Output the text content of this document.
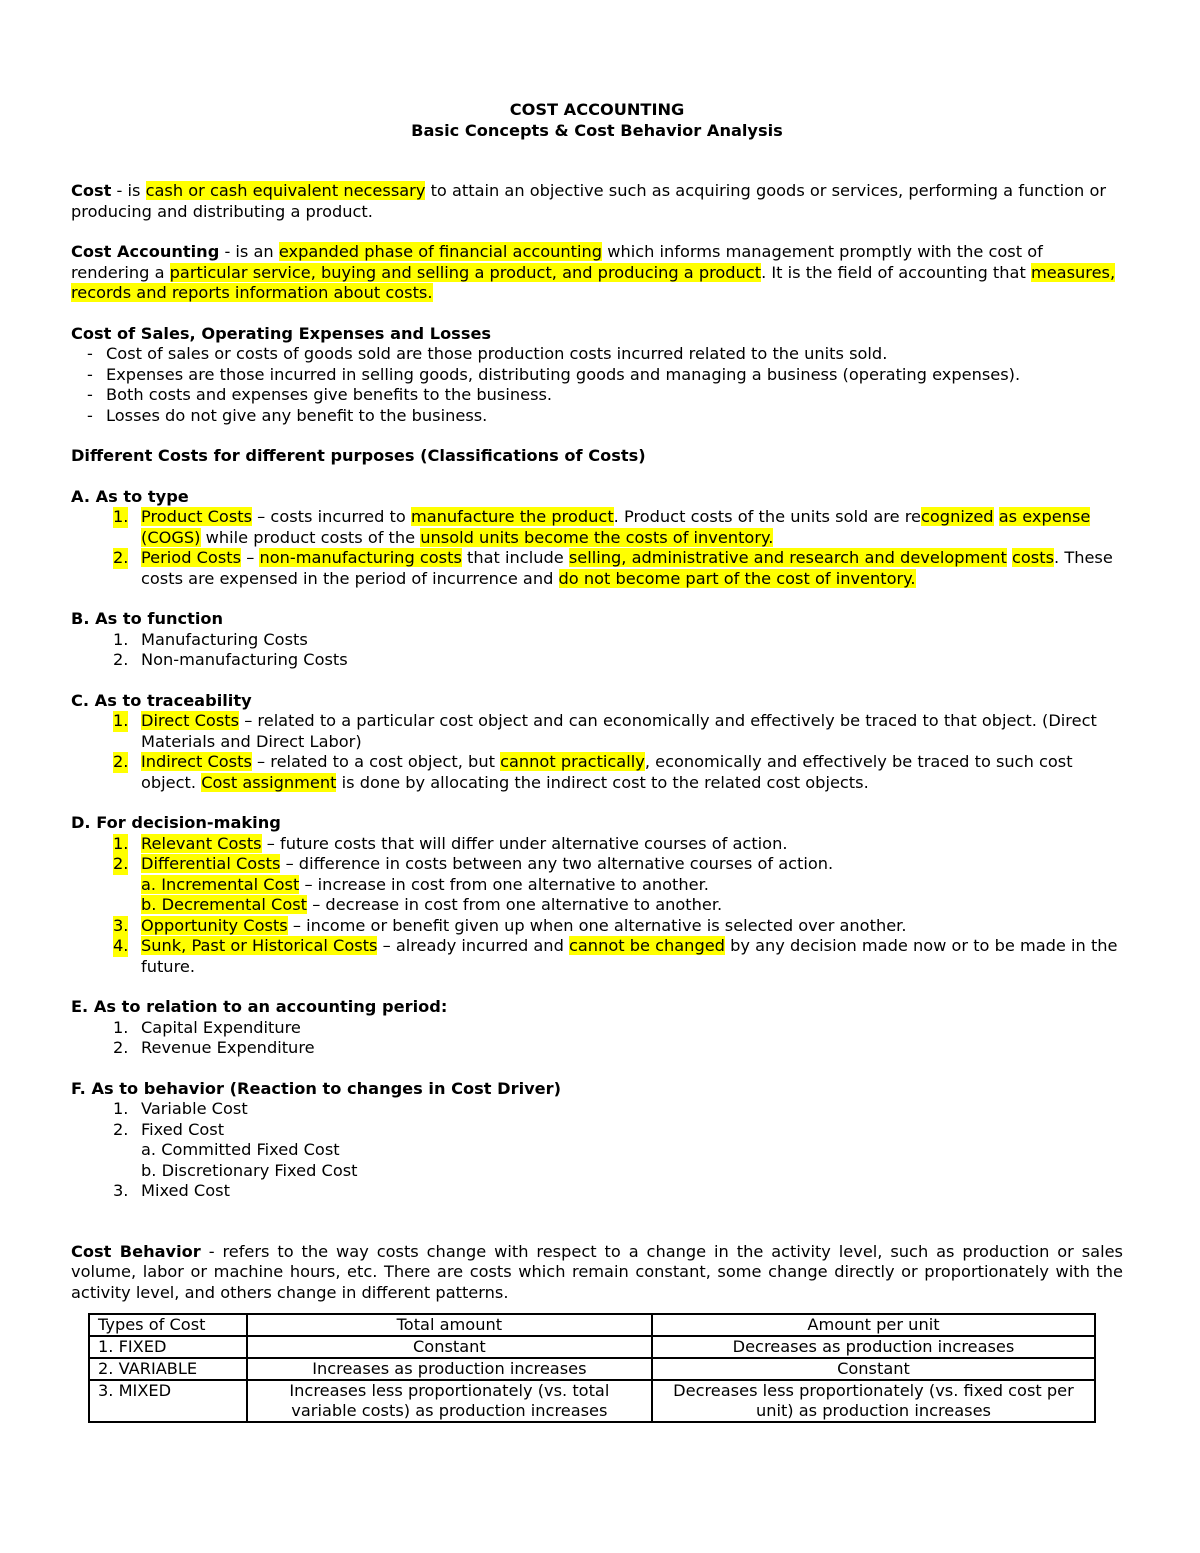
COST ACCOUNTING

Basic Concepts & Cost Behavior Analysis

Cost - is cash or cash equivalent necessary to attain an objective such as acquiring goods or services, performing a function or producing and distributing a product.

Cost Accounting - is an expanded phase of financial accounting which informs management promptly with the cost of rendering a particular service, buying and selling a product, and producing a product. It is the field of accounting that measures, records and reports information about costs.

Cost of Sales, Operating Expenses and Losses

- Cost of sales or costs of goods sold are those production costs incurred related to the units sold.
- Expenses are those incurred in selling goods, distributing goods and managing a business (operating expenses).
- Both costs and expenses give benefits to the business.
- Losses do not give any benefit to the business.

Different Costs for different purposes (Classifications of Costs)

A. As to type

1. Product Costs – costs incurred to manufacture the product. Product costs of the units sold are recognized as expense (COGS) while product costs of the unsold units become the costs of inventory.
2. Period Costs – non-manufacturing costs that include selling, administrative and research and development costs. These costs are expensed in the period of incurrence and do not become part of the cost of inventory.

B. As to function

1. Manufacturing Costs
2. Non-manufacturing Costs

C. As to traceability

1. Direct Costs – related to a particular cost object and can economically and effectively be traced to that object. (Direct Materials and Direct Labor)
2. Indirect Costs – related to a cost object, but cannot practically, economically and effectively be traced to such cost object. Cost assignment is done by allocating the indirect cost to the related cost objects.

D. For decision-making

1. Relevant Costs – future costs that will differ under alternative courses of action.
2. Differential Costs – difference in costs between any two alternative courses of action.
a. Incremental Cost – increase in cost from one alternative to another.
b. Decremental Cost – decrease in cost from one alternative to another.
3. Opportunity Costs – income or benefit given up when one alternative is selected over another.
4. Sunk, Past or Historical Costs – already incurred and cannot be changed by any decision made now or to be made in the future.

E. As to relation to an accounting period:

1. Capital Expenditure
2. Revenue Expenditure

F. As to behavior (Reaction to changes in Cost Driver)

1. Variable Cost
2. Fixed Cost
a. Committed Fixed Cost
b. Discretionary Fixed Cost
3. Mixed Cost

Cost Behavior - refers to the way costs change with respect to a change in the activity level, such as production or sales volume, labor or machine hours, etc. There are costs which remain constant, some change directly or proportionately with the activity level, and others change in different patterns.

Types of Cost	Total amount	Amount per unit
1. FIXED	Constant	Decreases as production increases
2. VARIABLE	Increases as production increases	Constant
3. MIXED	Increases less proportionately (vs. total variable costs) as production increases	Decreases less proportionately (vs. fixed cost per unit) as production increases
